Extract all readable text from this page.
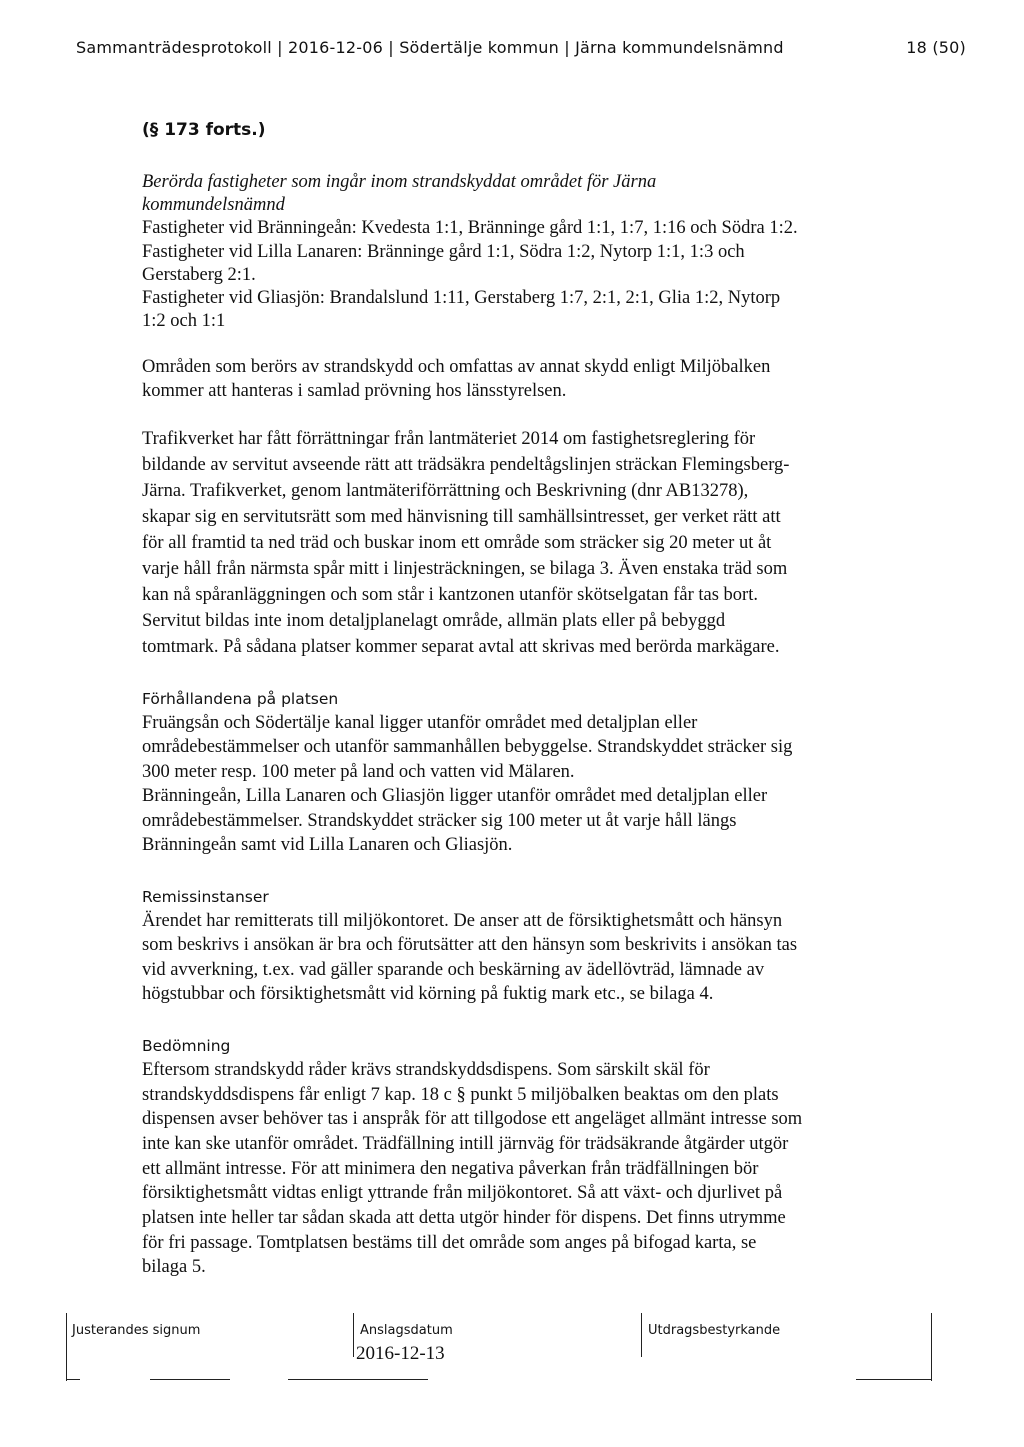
Sammanträdesprotokoll | 2016-12-06 | Södertälje kommun | Järna kommundelsnämnd	18 (50)
(§ 173 forts.)

Berörda fastigheter som ingår inom strandskyddat området för Järna

kommundelsnämnd

Fastigheter vid Bränningeån: Kvedesta 1:1, Bränninge gård 1:1, 1:7, 1:16 och Södra 1:2.

Fastigheter vid Lilla Lanaren: Bränninge gård 1:1, Södra 1:2, Nytorp 1:1, 1:3 och

Gerstaberg 2:1.

Fastigheter vid Gliasjön: Brandalslund 1:11, Gerstaberg 1:7, 2:1, 2:1, Glia 1:2, Nytorp

1:2 och 1:1

Områden som berörs av strandskydd och omfattas av annat skydd enligt Miljöbalken

kommer att hanteras i samlad prövning hos länsstyrelsen.

Trafikverket har fått förrättningar från lantmäteriet 2014 om fastighetsreglering för

bildande av servitut avseende rätt att trädsäkra pendeltågslinjen sträckan Flemingsberg-

Järna. Trafikverket, genom lantmäteriförrättning och Beskrivning (dnr AB13278),

skapar sig en servitutsrätt som med hänvisning till samhällsintresset, ger verket rätt att

för all framtid ta ned träd och buskar inom ett område som sträcker sig 20 meter ut åt

varje håll från närmsta spår mitt i linjesträckningen, se bilaga 3. Även enstaka träd som

kan nå spåranläggningen och som står i kantzonen utanför skötselgatan får tas bort.

Servitut bildas inte inom detaljplanelagt område, allmän plats eller på bebyggd

tomtmark. På sådana platser kommer separat avtal att skrivas med berörda markägare.

Förhållandena på platsen

Fruängsån och Södertälje kanal ligger utanför området med detaljplan eller

områdebestämmelser och utanför sammanhållen bebyggelse. Strandskyddet sträcker sig

300 meter resp. 100 meter på land och vatten vid Mälaren.

Bränningeån, Lilla Lanaren och Gliasjön ligger utanför området med detaljplan eller

områdebestämmelser. Strandskyddet sträcker sig 100 meter ut åt varje håll längs

Bränningeån samt vid Lilla Lanaren och Gliasjön.

Remissinstanser

Ärendet har remitterats till miljökontoret. De anser att de försiktighetsmått och hänsyn

som beskrivs i ansökan är bra och förutsätter att den hänsyn som beskrivits i ansökan tas

vid avverkning, t.ex. vad gäller sparande och beskärning av ädellövträd, lämnade av

högstubbar och försiktighetsmått vid körning på fuktig mark etc., se bilaga 4.

Bedömning

Eftersom strandskydd råder krävs strandskyddsdispens. Som särskilt skäl för

strandskyddsdispens får enligt 7 kap. 18 c § punkt 5 miljöbalken beaktas om den plats

dispensen avser behöver tas i anspråk för att tillgodose ett angeläget allmänt intresse som

inte kan ske utanför området. Trädfällning intill järnväg för trädsäkrande åtgärder utgör

ett allmänt intresse. För att minimera den negativa påverkan från trädfällningen bör

försiktighetsmått vidtas enligt yttrande från miljökontoret. Så att växt- och djurlivet på

platsen inte heller tar sådan skada att detta utgör hinder för dispens. Det finns utrymme

för fri passage. Tomtplatsen bestäms till det område som anges på bifogad karta, se

bilaga 5.

Justerandes signum	Anslagsdatum
2016-12-13
Utdragsbestyrkande
